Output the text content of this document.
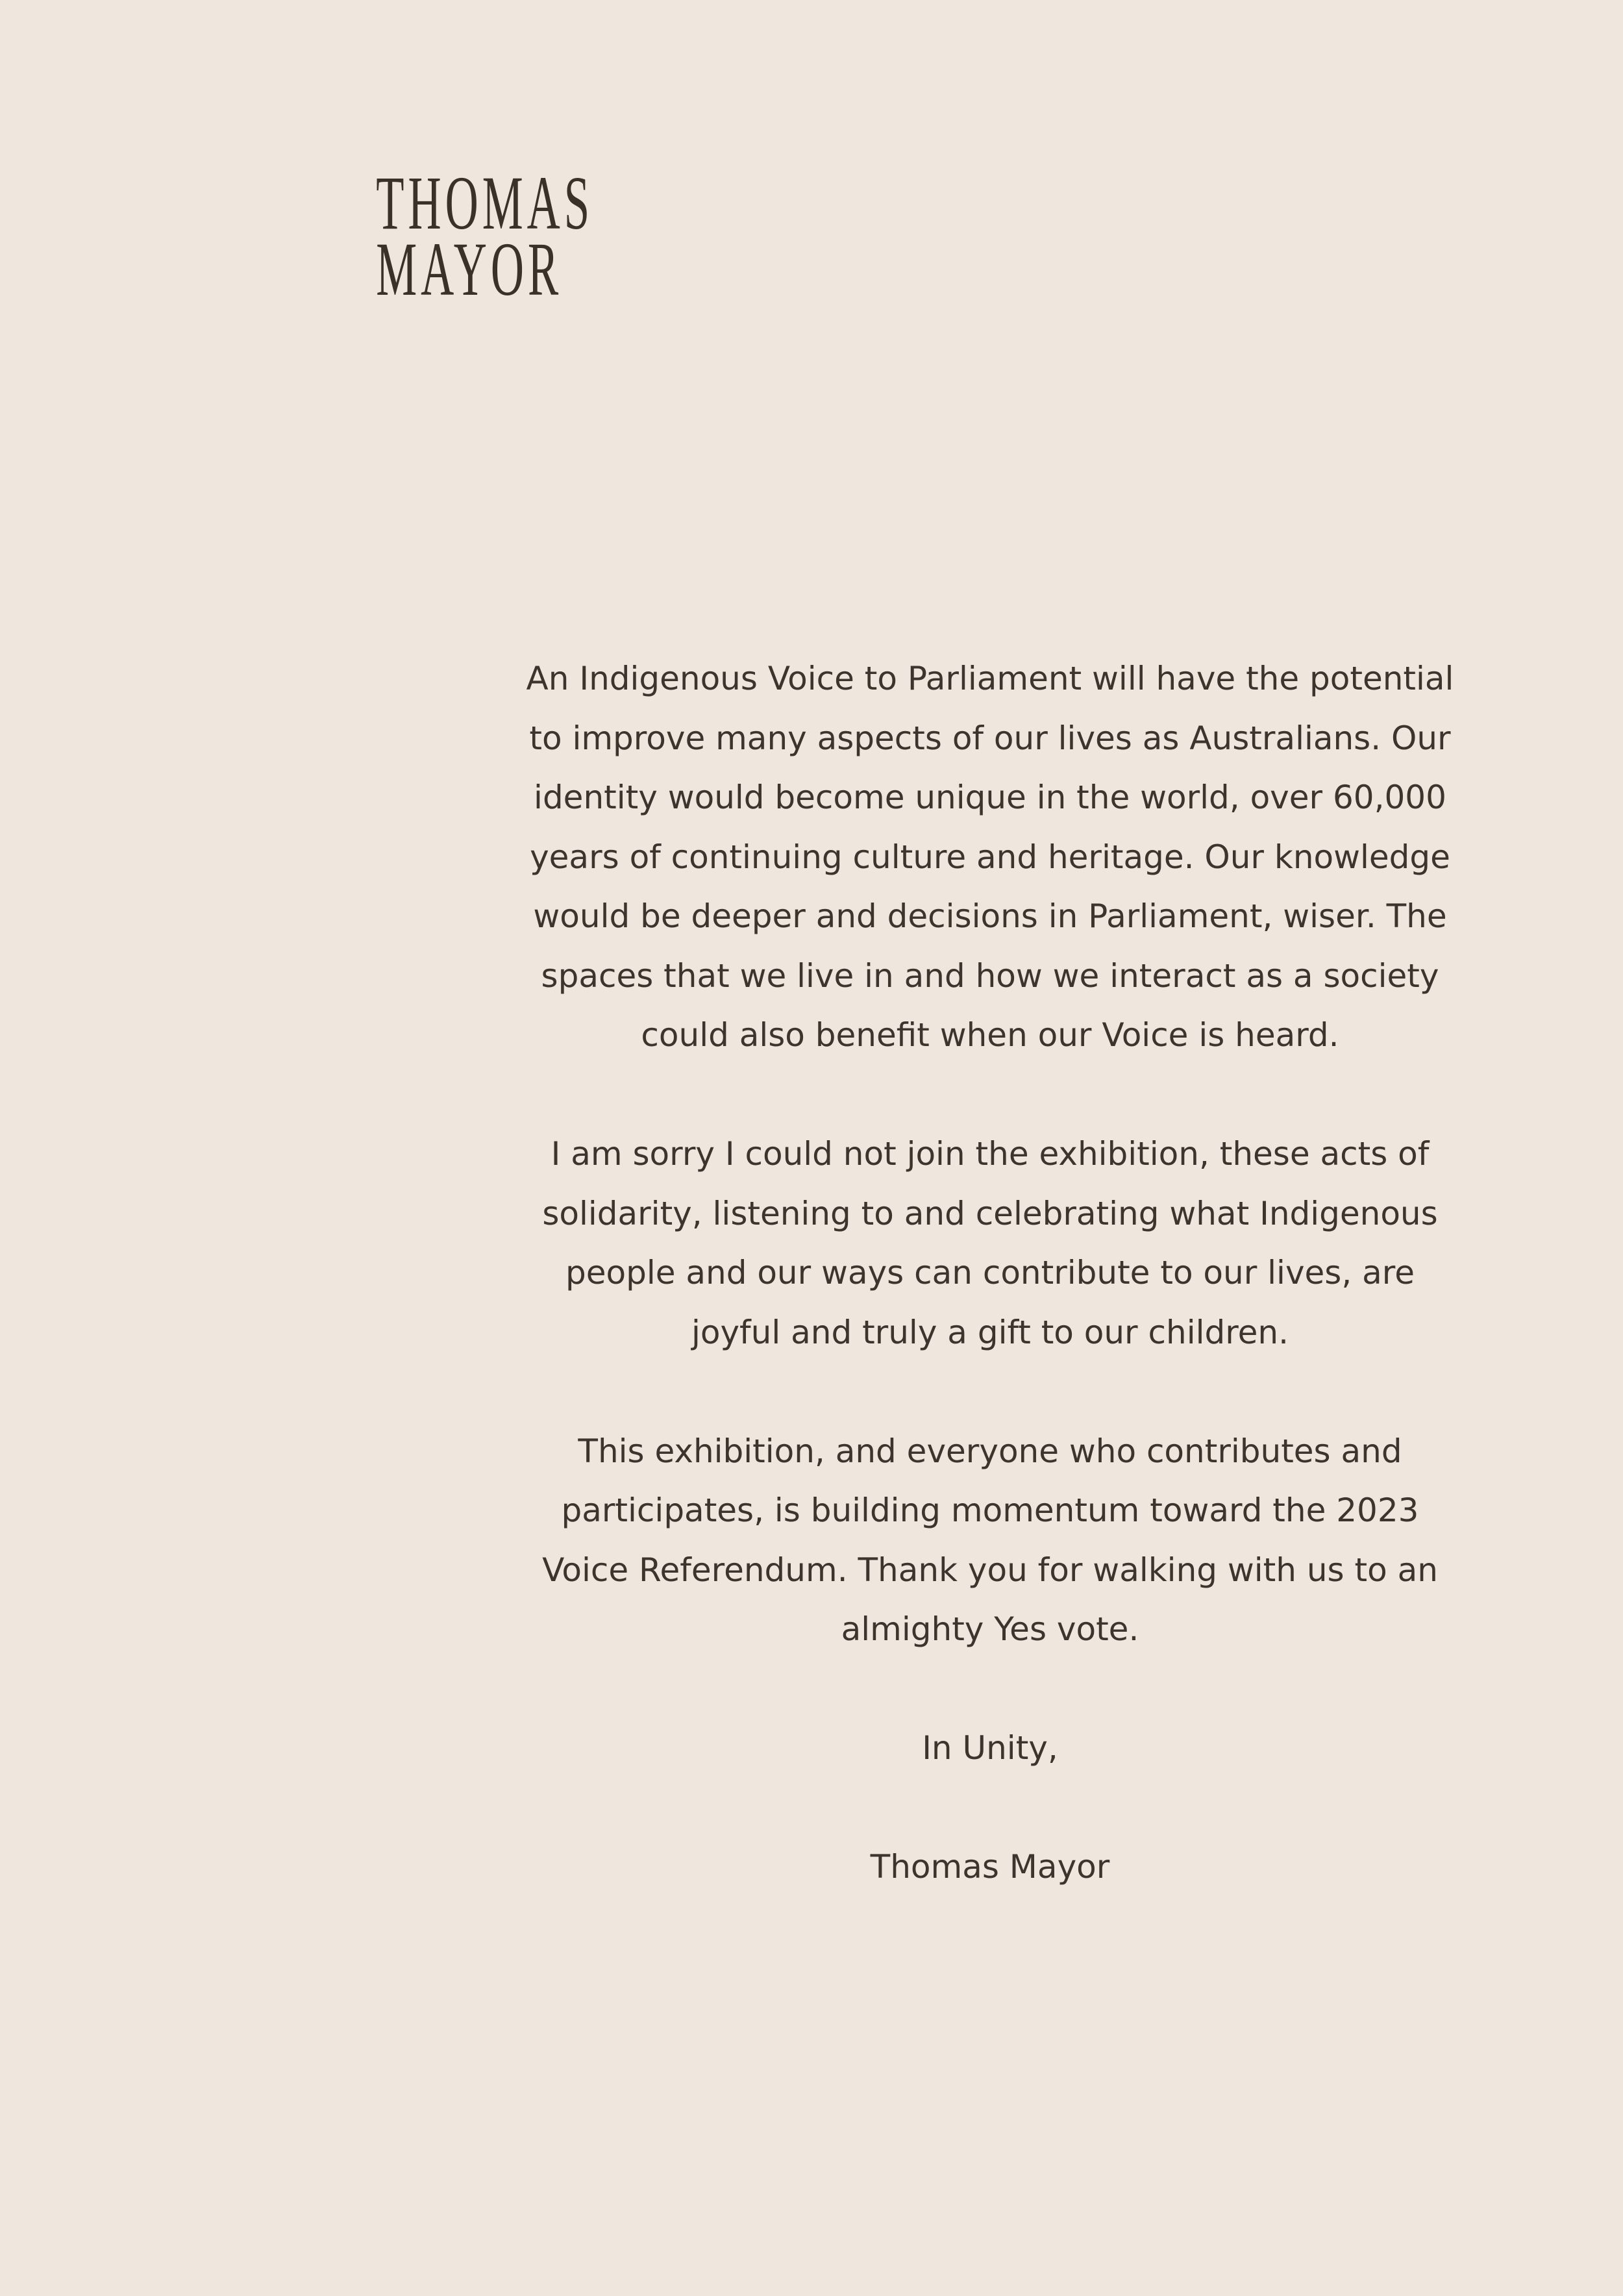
THOMAS
MAYOR

An Indigenous Voice to Parliament will have the potential to improve many aspects of our lives as Australians. Our identity would become unique in the world, over 60,000 years of continuing culture and heritage. Our knowledge would be deeper and decisions in Parliament, wiser. The spaces that we live in and how we interact as a society could also benefit when our Voice is heard.

I am sorry I could not join the exhibition, these acts of solidarity, listening to and celebrating what Indigenous people and our ways can contribute to our lives, are joyful and truly a gift to our children.

This exhibition, and everyone who contributes and participates, is building momentum toward the 2023 Voice Referendum. Thank you for walking with us to an almighty Yes vote.

In Unity,

Thomas Mayor
